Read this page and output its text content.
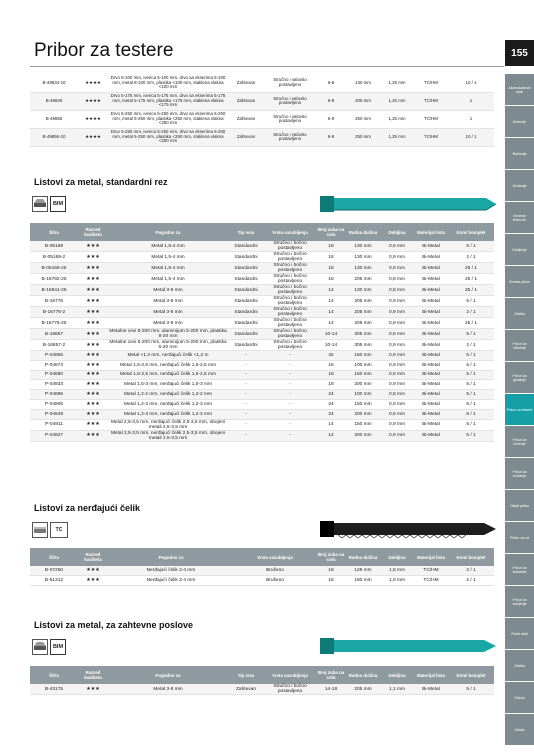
Pribor za testere	155
Akumulatorski alati
Bušenje
Brušenje
Glodanje
Sečenje testerom
Dubljenje
Brusne ploče
Zaštita
Pribor za čišćenje
Pribor za glodanje
Pribor za testere
Pribor za bušenje
Pribor za brušenje
Ostali pribor
Pribor za vrt
Pribor za stolarske
Pribor za dubljenje
Ručni alati
Zaštita
Odeća
Ostalo
B-49834-10	★★★★	Drvo 5-100 mm, iverica 5-100 mm, drvo sa ekserima 5-100 mm, metal 8-100 mm, plastika <100 mm, staklena vlakna <100 mm	Zahtevan	Stručno i valovito postavljeno	6-8	130 mm	1,25 mm	TC/HM	10 / 1
B-49840	★★★★	Drvo 5-175 mm, iverica 5-175 mm, drvo sa ekserima 5-175 mm, metal 5-175 mm, plastika <175 mm, staklena vlakna <175 mm	Zahtevan	Stručno i valovito postavljeno	6-8	205 mm	1,25 mm	TC/HM	1
B-49856	★★★★	Drvo 5-250 mm, iverica 5-250 mm, drvo sa ekserima 5-250 mm, metal 5-250 mm, plastika <250 mm, staklena vlakna <250 mm	Zahtevan	Stručno i valovito postavljeno	6-8	250 mm	1,25 mm	TC/HM	1
B-49856-10	★★★★	Drvo 5-250 mm, iverica 5-250 mm, drvo sa ekserima 5-250 mm, metal 5-250 mm, plastika <250 mm, staklena vlakna <250 mm	Zahtevan	Stručno i valovito postavljeno	6-8	250 mm	1,25 mm	TC/HM	10 / 1
Listovi za metal, standardni rez
BIM
Šifra	Razred kvaliteta	Pogodno za	Tip reza	Vrsta sazubljenja	Broj zuba na colu	Radna dužina	Debljina	Materijal lista	Kom/ komplet
B-05169	★★★	Metal 1,5-4 mm	Standardni	Stručno i bočno postavljeno	18	130 mm	0,9 mm	Bi-Metal	5 / 1
B-05169-2	★★★	Metal 1,5-4 mm	Standardni	Stručno i bočno postavljeno	18	130 mm	0,9 mm	Bi-Metal	2 / 1
B-05169-25	★★★	Metal 1,5-4 mm	Standardni	Stručno i bočno postavljeno	18	130 mm	0,9 mm	Bi-Metal	25 / 1
B-16782-25	★★★	Metal 1,5-4 mm	Standardni	Stručno i bočno postavljeno	18	205 mm	0,9 mm	Bi-Metal	25 / 1
B-16841-25	★★★	Metal 3-8 mm	Standardni	Stručno i bočno postavljeno	14	130 mm	0,9 mm	Bi-Metal	25 / 1
B-16776	★★★	Metal 3-8 mm	Standardni	Stručno i bočno postavljeno	14	205 mm	0,9 mm	Bi-Metal	5 / 1
B-16776-2	★★★	Metal 3-8 mm	Standardni	Stručno i bočno postavljeno	14	205 mm	0,9 mm	Bi-Metal	2 / 1
B-16776-25	★★★	Metal 3-8 mm	Standardni	Stručno i bočno postavljeno	14	205 mm	0,9 mm	Bi-Metal	25 / 1
B-16857	★★★	Metalne cevi 5-200 mm, aluminijum 5-200 mm, plastika 8-20 mm	Standardni	Stručno i bočno postavljeno	10-14	305 mm	0,9 mm	Bi-Metal	5 / 1
B-16857-2	★★★	Metalne cevi 5-200 mm, aluminijum 5-200 mm, plastika 5-20 mm	Standardni	Stručno i bočno postavljeno	10-14	305 mm	0,9 mm	Bi-Metal	2 / 1
P-04955	★★★	Metal <1,2 mm, nerđajući čelik <1,2 m	-	-	32	150 mm	0,9 mm	Bi-Metal	5 / 1
P-04874	★★★	Metal 1,5-2,5 mm, nerđajući čelik 1,5-2,5 mm	-	-	18	100 mm	0,9 mm	Bi-Metal	5 / 1
P-04880	★★★	Metal 1,5-2,5 mm, nerđajući čelik 1,5-2,5 mm	-	-	18	150 mm	0,9 mm	Bi-Metal	5 / 1
P-04933	★★★	Metal 1,5-3 mm, nerđajući čelik 1,5-3 mm	-	-	18	200 mm	0,9 mm	Bi-Metal	5 / 1
P-04896	★★★	Metal 1,2-2 mm, nerđajući čelik 1,2-2 mm	-	-	24	100 mm	0,9 mm	Bi-Metal	5 / 1
P-04905	★★★	Metal 1,2-3 mm, nerđajući čelik 1,2-3 mm	-	-	24	150 mm	0,9 mm	Bi-Metal	5 / 1
P-04949	★★★	Metal 1,2-3 mm, nerđajući čelik 1,2-3 mm	-	-	24	200 mm	0,9 mm	Bi-Metal	5 / 1
P-04911	★★★	Metal 2,5-3,5 mm, nerđajući čelik 2,5-3,5 mm, obojeni metali 2,5-3,5 mm	-	-	14	150 mm	0,9 mm	Bi-Metal	5 / 1
P-04927	★★★	Metal 2,5-3,5 mm, nerđajući čelik 2,5-3,5 mm, obojeni metali 2,5-3,5 mm	-	-	14	200 mm	0,9 mm	Bi-Metal	5 / 1
Listovi za nerđajući čelik
TC
Šifra	Razred kvaliteta	Pogodno za	Vrsta sazubljenja	Broj zuba na colu	Radna dužina	Debljina	Materijal lista	Kom/ komplet
B-07250	★★★	Nerđajući čelik 2-4 mm	Brušeno	18	129 mm	1,9 mm	TC/HM	2 / 1
B-51312	★★★	Nerđajući čelik 2-4 mm	Brušeno	18	180 mm	1,9 mm	TC/HM	2 / 1
Listovi za metal, za zahtevne poslove
BIM
Šifra	Razred kvaliteta	Pogodno za	Tip reza	Vrsta sazubljenja	Broj zuba na colu	Radna dužina	Debljina	Materijal lista	Kom/ komplet
B-43175	★★★	Metal 3-8 mm	Zahtevan	Stručno i bočno postavljeno	14-18	205 mm	1,1 mm	Bi-Metal	5 / 1
